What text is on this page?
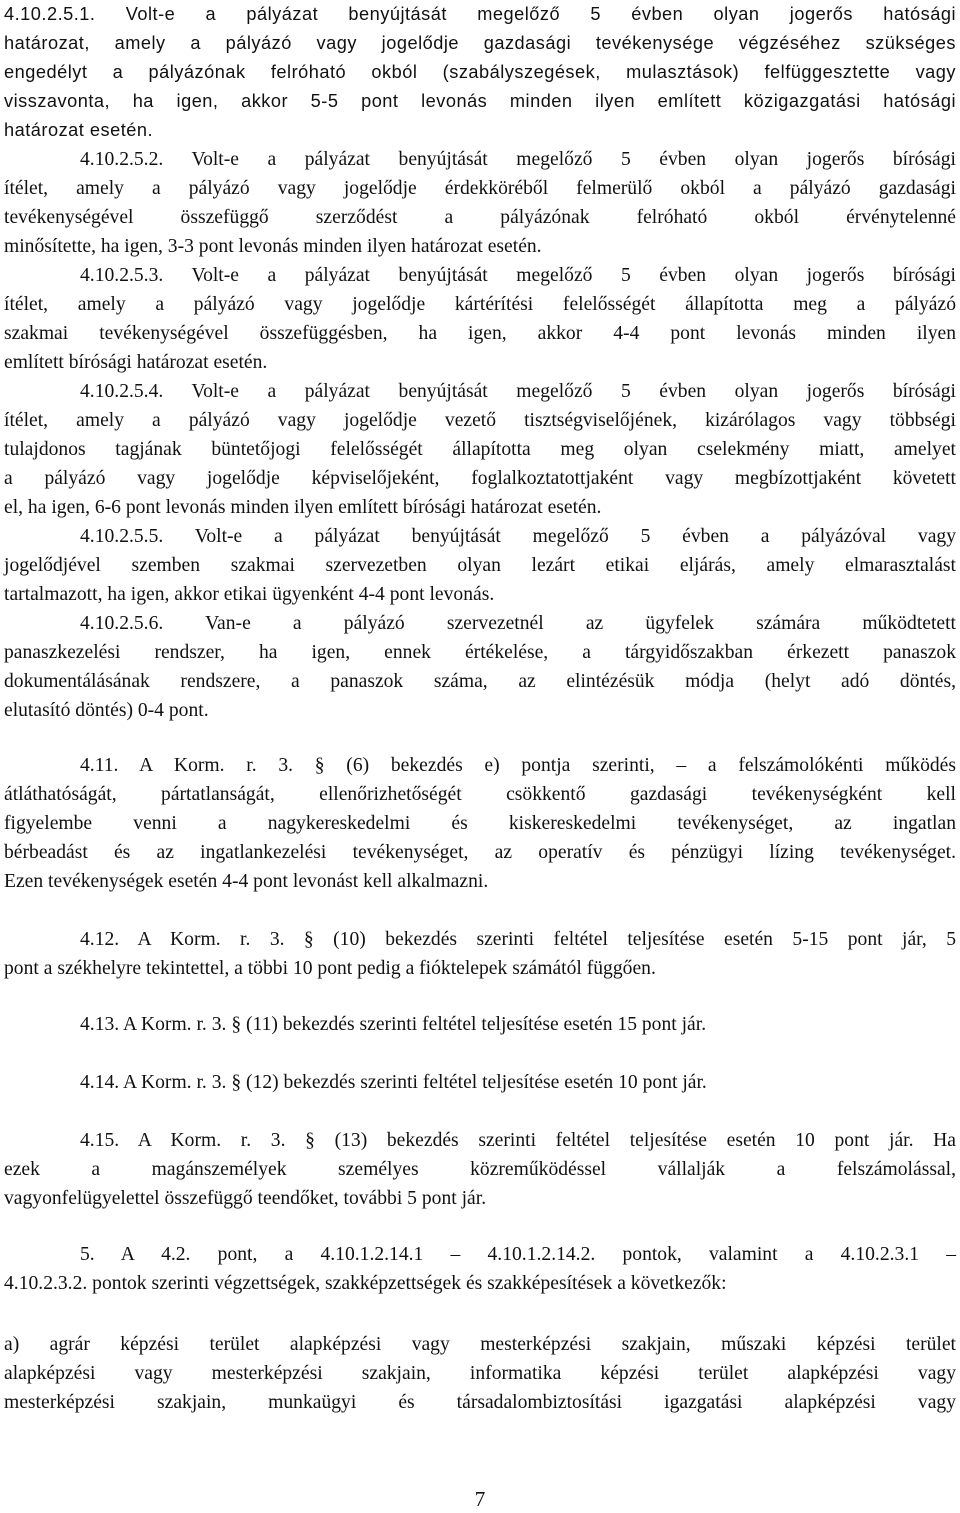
4.10.2.5.1. Volt-e a pályázat benyújtását megelőző 5 évben olyan jogerős hatósági
határozat, amely a pályázó vagy jogelődje gazdasági tevékenysége végzéséhez szükséges
engedélyt a pályázónak felróható okból (szabályszegések, mulasztások) felfüggesztette vagy
visszavonta, ha igen, akkor 5-5 pont levonás minden ilyen említett közigazgatási hatósági
határozat esetén.
4.10.2.5.2. Volt-e a pályázat benyújtását megelőző 5 évben olyan jogerős bírósági
ítélet, amely a pályázó vagy jogelődje érdekköréből felmerülő okból a pályázó gazdasági
tevékenységével összefüggő szerződést a pályázónak felróható okból érvénytelenné
minősítette, ha igen, 3-3 pont levonás minden ilyen határozat esetén.
4.10.2.5.3. Volt-e a pályázat benyújtását megelőző 5 évben olyan jogerős bírósági
ítélet, amely a pályázó vagy jogelődje kártérítési felelősségét állapította meg a pályázó
szakmai tevékenységével összefüggésben, ha igen, akkor 4-4 pont levonás minden ilyen
említett bírósági határozat esetén.
4.10.2.5.4. Volt-e a pályázat benyújtását megelőző 5 évben olyan jogerős bírósági
ítélet, amely a pályázó vagy jogelődje vezető tisztségviselőjének, kizárólagos vagy többségi
tulajdonos tagjának büntetőjogi felelősségét állapította meg olyan cselekmény miatt, amelyet
a pályázó vagy jogelődje képviselőjeként, foglalkoztatottjaként vagy megbízottjaként követett
el, ha igen, 6-6 pont levonás minden ilyen említett bírósági határozat esetén.
4.10.2.5.5. Volt-e a pályázat benyújtását megelőző 5 évben a pályázóval vagy
jogelődjével szemben szakmai szervezetben olyan lezárt etikai eljárás, amely elmarasztalást
tartalmazott, ha igen, akkor etikai ügyenként 4-4 pont levonás.
4.10.2.5.6. Van-e a pályázó szervezetnél az ügyfelek számára működtetett
panaszkezelési rendszer, ha igen, ennek értékelése, a tárgyidőszakban érkezett panaszok
dokumentálásának rendszere, a panaszok száma, az elintézésük módja (helyt adó döntés,
elutasító döntés) 0-4 pont.
4.11. A Korm. r. 3. § (6) bekezdés e) pontja szerinti, – a felszámolókénti működés
átláthatóságát, pártatlanságát, ellenőrizhetőségét csökkentő gazdasági tevékenységként kell
figyelembe venni a nagykereskedelmi és kiskereskedelmi tevékenységet, az ingatlan
bérbeadást és az ingatlankezelési tevékenységet, az operatív és pénzügyi lízing tevékenységet.
Ezen tevékenységek esetén 4-4 pont levonást kell alkalmazni.
4.12. A Korm. r. 3. § (10) bekezdés szerinti feltétel teljesítése esetén 5-15 pont jár, 5
pont a székhelyre tekintettel, a többi 10 pont pedig a fióktelepek számától függően.
4.13. A Korm. r. 3. § (11) bekezdés szerinti feltétel teljesítése esetén 15 pont jár.
4.14. A Korm. r. 3. § (12) bekezdés szerinti feltétel teljesítése esetén 10 pont jár.
4.15. A Korm. r. 3. § (13) bekezdés szerinti feltétel teljesítése esetén 10 pont jár. Ha
ezek a magánszemélyek személyes közreműködéssel vállalják a felszámolással,
vagyonfelügyelettel összefüggő teendőket, további 5 pont jár.
5. A 4.2. pont, a 4.10.1.2.14.1 – 4.10.1.2.14.2. pontok, valamint a 4.10.2.3.1 –
4.10.2.3.2. pontok szerinti végzettségek, szakképzettségek és szakképesítések a következők:
a) agrár képzési terület alapképzési vagy mesterképzési szakjain, műszaki képzési terület
alapképzési vagy mesterképzési szakjain, informatika képzési terület alapképzési vagy
mesterképzési szakjain, munkaügyi és társadalombiztosítási igazgatási alapképzési vagy
7
